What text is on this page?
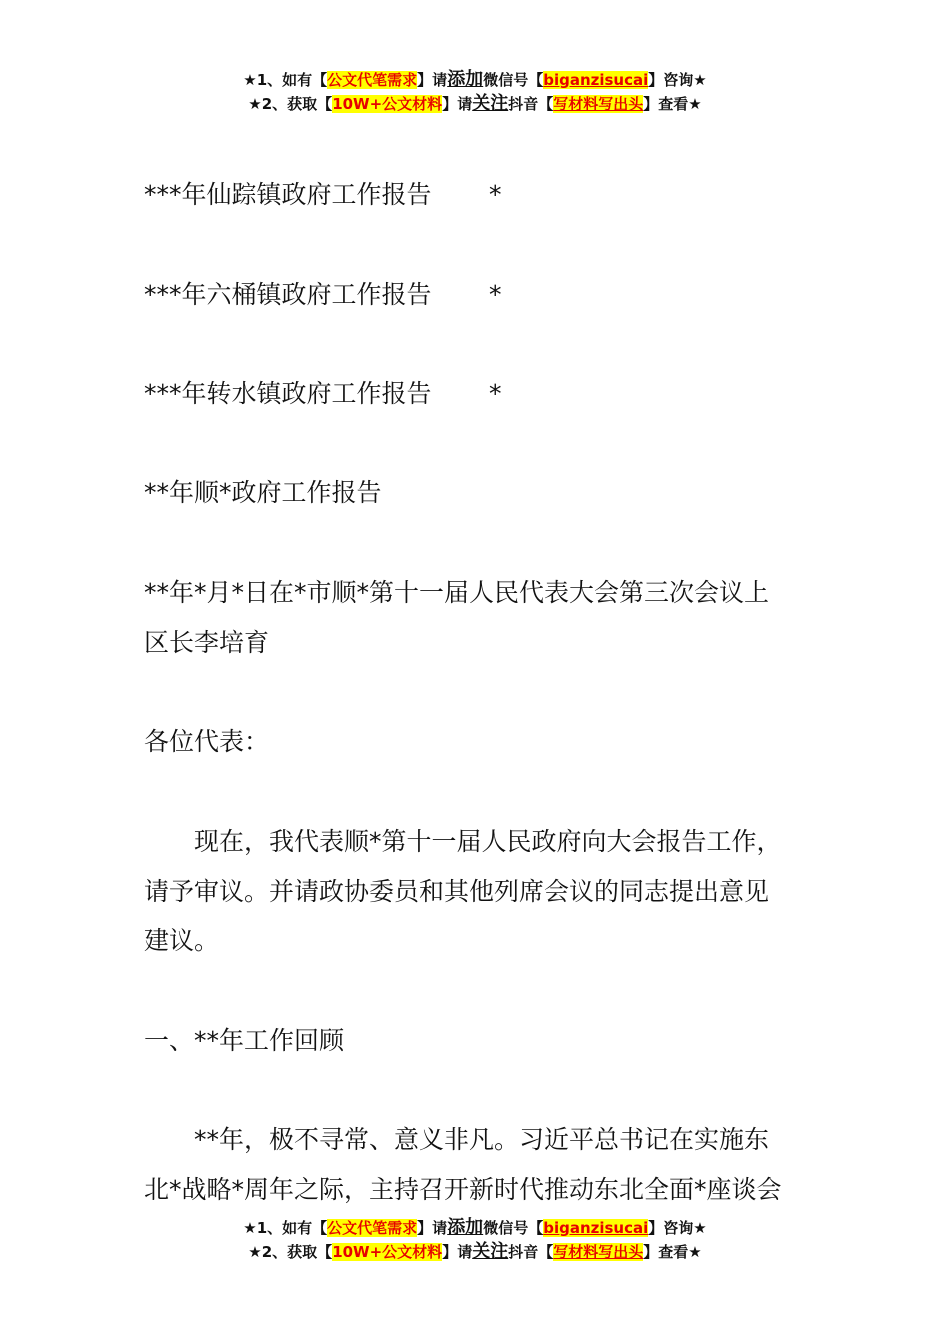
★1、如有【公文代笔需求】请添加微信号【biganzisucai】咨询★
★2、获取【10W+公文材料】请关注抖音【写材料写出头】查看★

***年仙踪镇政府工作报告 *

***年六桶镇政府工作报告 *

***年转水镇政府工作报告 *

**年顺*政府工作报告

**年*月*日在*市顺*第十一届人民代表大会第三次会议上

区长李培育

各位代表：

现在，我代表顺*第十一届人民政府向大会报告工作，

请予审议。并请政协委员和其他列席会议的同志提出意见

建议。

一、**年工作回顾

**年，极不寻常、意义非凡。习近平总书记在实施东

北*战略*周年之际，主持召开新时代推动东北全面*座谈会

★1、如有【公文代笔需求】请添加微信号【biganzisucai】咨询★
★2、获取【10W+公文材料】请关注抖音【写材料写出头】查看★
